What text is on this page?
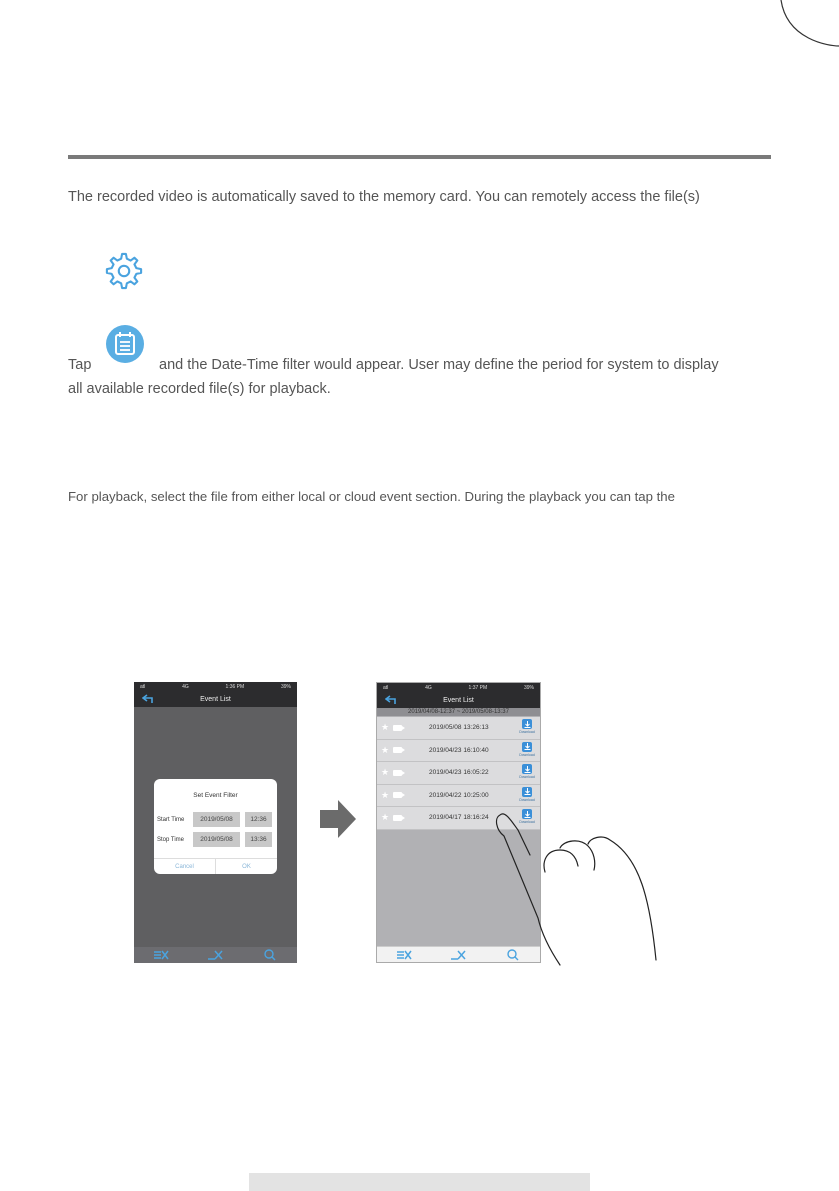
The recorded video is automatically saved to the memory card. You can remotely access the file(s)
Tap	and the Date-Time filter would appear. User may define the period for system to display
all available recorded file(s) for playback.
For playback, select the file from either local or cloud event section. During the playback you can tap the
atl	4G	1:36 PM	39%
Event List
Set Event Filter
Start Time	2019/05/08	12:36
Stop Time	2019/05/08	13:36
Cancel	OK
atl	4G	1:37 PM	39%
Event List
2019/04/08-12:37 ~ 2019/05/08-13:37
★	2019/05/08 13:26:13
Download
★	2019/04/23 16:10:40
Download
★	2019/04/23 16:05:22
Download
★	2019/04/22 10:25:00
Download
★	2019/04/17 18:16:24
Download
